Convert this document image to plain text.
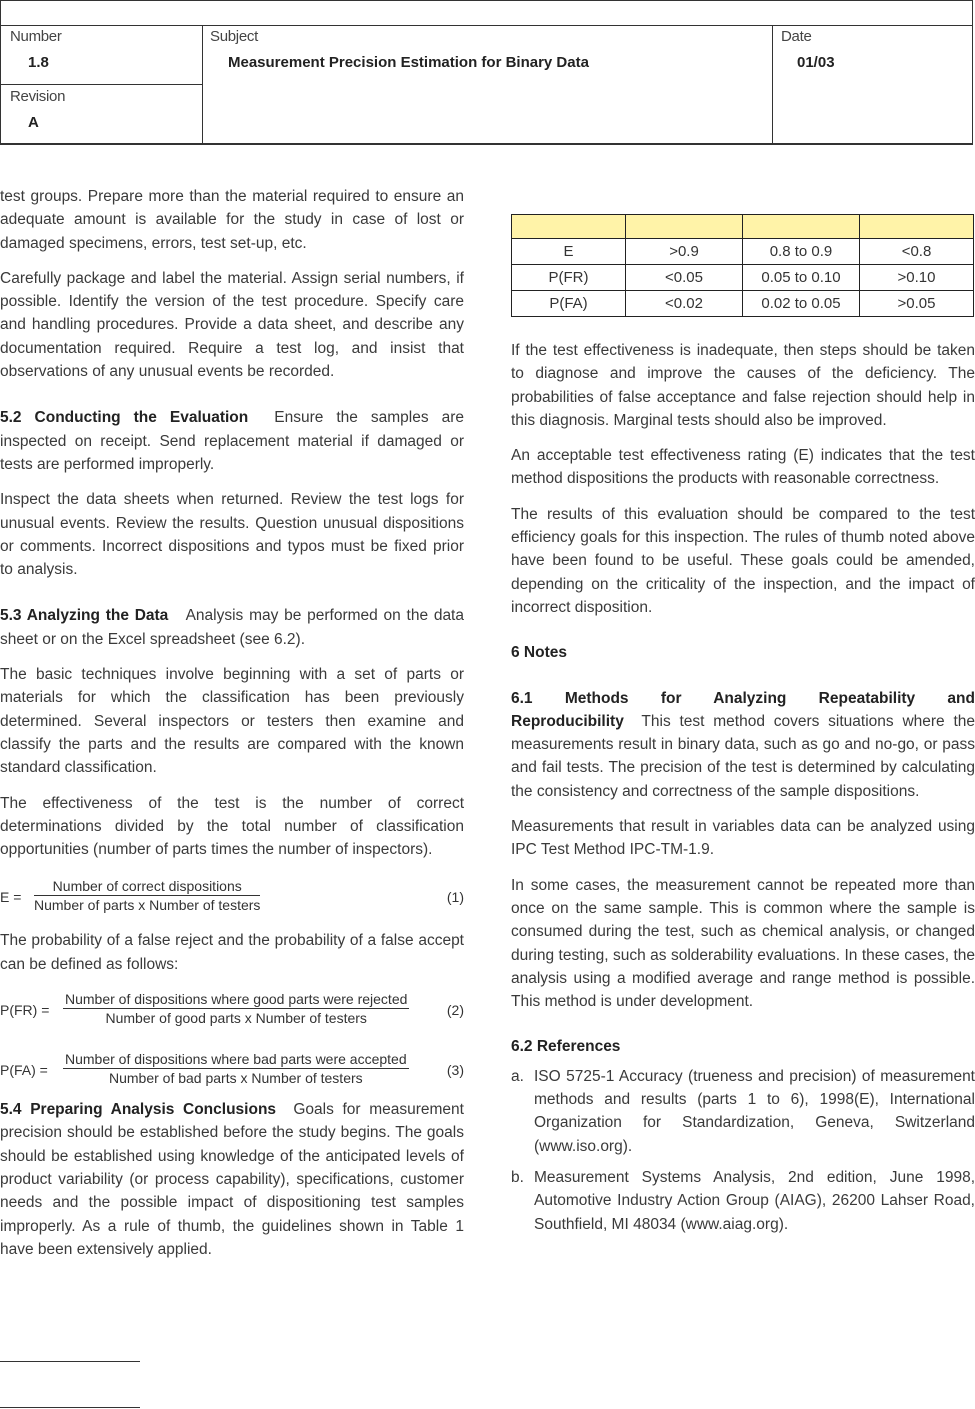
Number
1.8
Revision
A
Subject
Measurement Precision Estimation for Binary Data
Date
01/03

test groups. Prepare more than the material required to ensure an adequate amount is available for the study in case of lost or damaged specimens, errors, test set-up, etc.

Carefully package and label the material. Assign serial numbers, if possible. Identify the version of the test procedure. Specify care and handling procedures. Provide a data sheet, and describe any documentation required. Require a test log, and insist that observations of any unusual events be recorded.

5.2 Conducting the Evaluation Ensure the samples are inspected on receipt. Send replacement material if damaged or tests are performed improperly.

Inspect the data sheets when returned. Review the test logs for unusual events. Review the results. Question unusual dispositions or comments. Incorrect dispositions and typos must be fixed prior to analysis.

5.3 Analyzing the Data Analysis may be performed on the data sheet or on the Excel spreadsheet (see 6.2).

The basic techniques involve beginning with a set of parts or materials for which the classification has been previously determined. Several inspectors or testers then examine and classify the parts and the results are compared with the known standard classification.

The effectiveness of the test is the number of correct determinations divided by the total number of classification opportunities (number of parts times the number of inspectors).

E =
Number of correct dispositions
Number of parts x Number of testers	(1)

The probability of a false reject and the probability of a false accept can be defined as follows:

P(FR) =
Number of dispositions where good parts were rejected
Number of good parts x Number of testers	(2)
P(FA) =
Number of dispositions where bad parts were accepted
Number of bad parts x Number of testers	(3)

5.4 Preparing Analysis Conclusions Goals for measurement precision should be established before the study begins. The goals should be established using knowledge of the anticipated levels of product variability (or process capability), specifications, customer needs and the possible impact of dispositioning test samples improperly. As a rule of thumb, the guidelines shown in Table 1 have been extensively applied.

E	>0.9	0.8 to 0.9	<0.8
P(FR)	<0.05	0.05 to 0.10	>0.10
P(FA)	<0.02	0.02 to 0.05	>0.05

If the test effectiveness is inadequate, then steps should be taken to diagnose and improve the causes of the deficiency. The probabilities of false acceptance and false rejection should help in this diagnosis. Marginal tests should also be improved.

An acceptable test effectiveness rating (E) indicates that the test method dispositions the products with reasonable correctness.

The results of this evaluation should be compared to the test efficiency goals for this inspection. The rules of thumb noted above have been found to be useful. These goals could be amended, depending on the criticality of the inspection, and the impact of incorrect disposition.

6 Notes

6.1 Methods for Analyzing Repeatability and Reproducibility This test method covers situations where the measurements result in binary data, such as go and no-go, or pass and fail tests. The precision of the test is determined by calculating the consistency and correctness of the sample dispositions.

Measurements that result in variables data can be analyzed using IPC Test Method IPC-TM-1.9.

In some cases, the measurement cannot be repeated more than once on the same sample. This is common where the sample is consumed during the test, such as chemical analysis, or changed during testing, such as solderability evaluations. In these cases, the analysis using a modified average and range method is possible. This method is under development.

6.2 References

a. ISO 5725-1 Accuracy (trueness and precision) of measurement methods and results (parts 1 to 6), 1998(E), International Organization for Standardization, Geneva, Switzerland (www.iso.org).
b. Measurement Systems Analysis, 2nd edition, June 1998, Automotive Industry Action Group (AIAG), 26200 Lahser Road, Southfield, MI 48034 (www.aiag.org).
